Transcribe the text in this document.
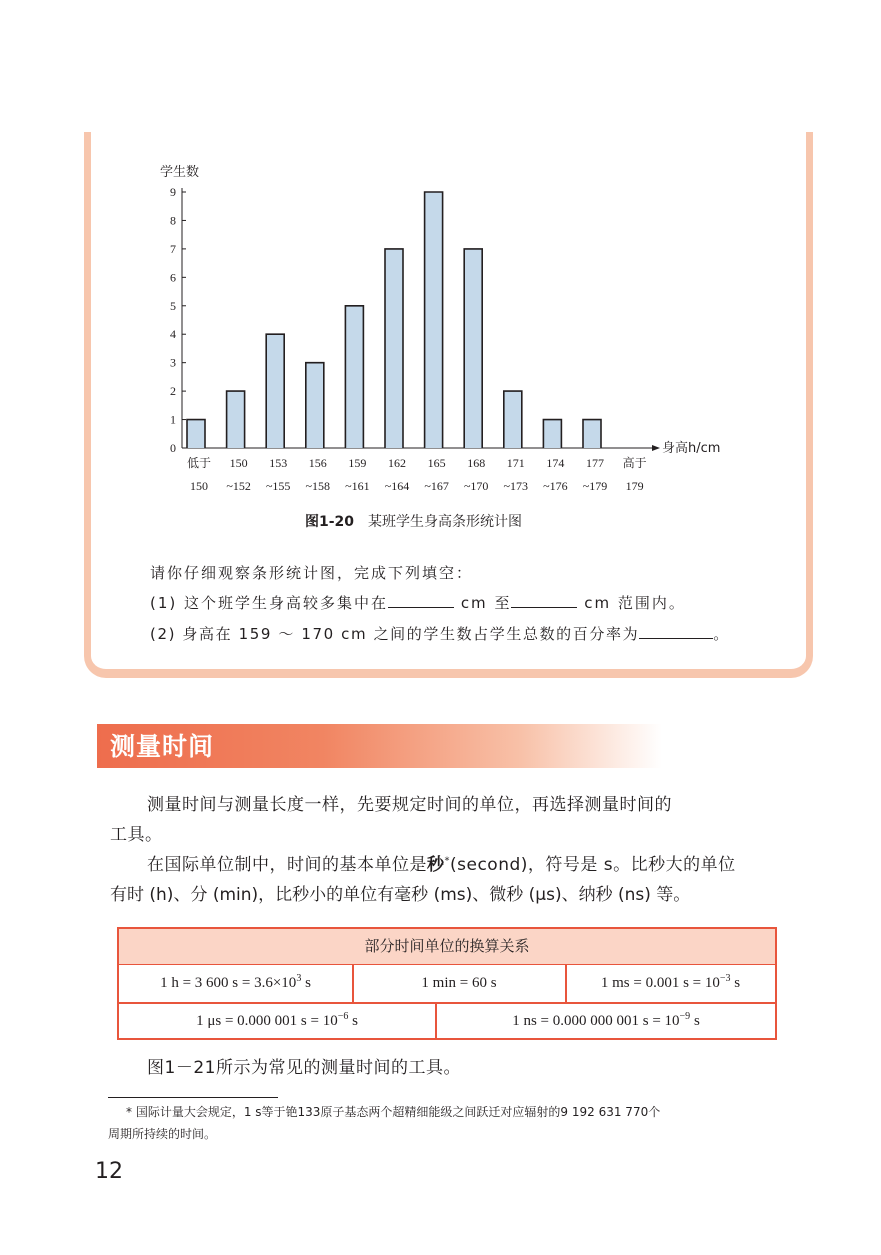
学生数
0
1
2
3
4
5
6
7
8
9
低于
150
150
~152
153
~155
156
~158
159
~161
162
~164
165
~167
168
~170
171
~173
174
~176
177
~179
高于
179
身高h/cm
图1-20 某班学生身高条形统计图
请你仔细观察条形统计图，完成下列填空：
(1) 这个班学生身高较多集中在	cm 至	cm 范围内。
(2) 身高在 159 ～ 170 cm 之间的学生数占学生总数的百分率为	。
测量时间
测量时间与测量长度一样，先要规定时间的单位，再选择测量时间的
工具。
在国际单位制中，时间的基本单位是秒*(second)，符号是 s。比秒大的单位
有时 (h)、分 (min)，比秒小的单位有毫秒 (ms)、微秒 (μs)、纳秒 (ns) 等。
部分时间单位的换算关系
1 h = 3 600 $s = 3.6\times 10^3$ s	1 min = 60 s	1 ms = 0.001 $s = 10^{-3}$ s
1 μs = 0.000 001 $s = 10^{-6}$ s	1 ns = 0.000 000 001 $s = 10^{-9}$ s
图1－21所示为常见的测量时间的工具。
* 国际计量大会规定，1 s等于铯133原子基态两个超精细能级之间跃迁对应辐射的9 192 631 770个
周期所持续的时间。
12
